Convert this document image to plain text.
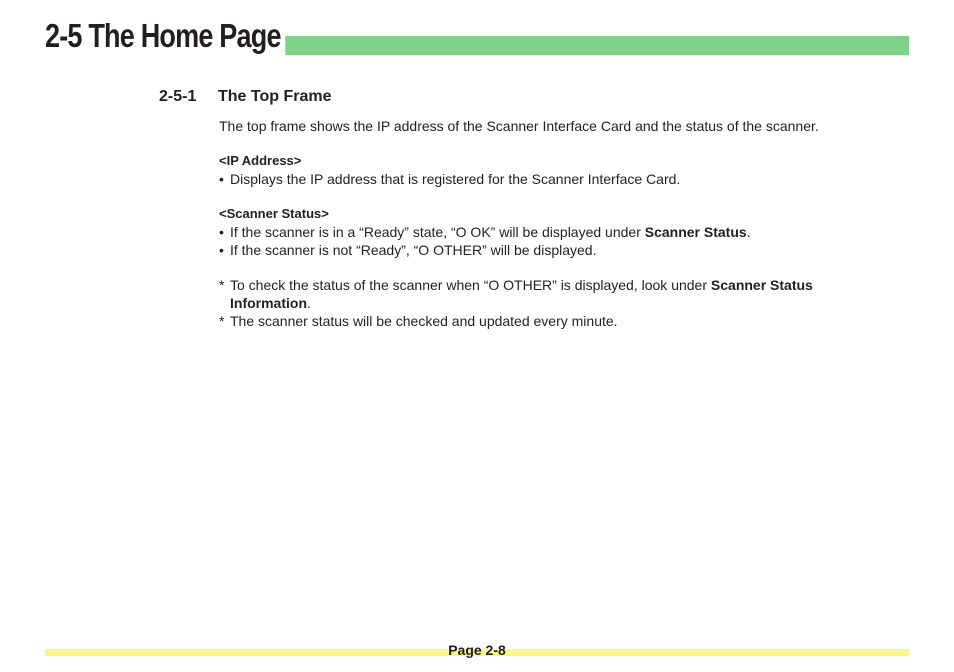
2-5 The Home Page
2-5-1 The Top Frame

The top frame shows the IP address of the Scanner Interface Card and the status of the scanner.

<IP Address>

• Displays the IP address that is registered for the Scanner Interface Card.

<Scanner Status>

• If the scanner is in a “Ready” state, “O OK” will be displayed under Scanner Status.

• If the scanner is not “Ready”, “O OTHER” will be displayed.

* To check the status of the scanner when “O OTHER” is displayed, look under Scanner Status

Information.

* The scanner status will be checked and updated every minute.

Page 2-8
